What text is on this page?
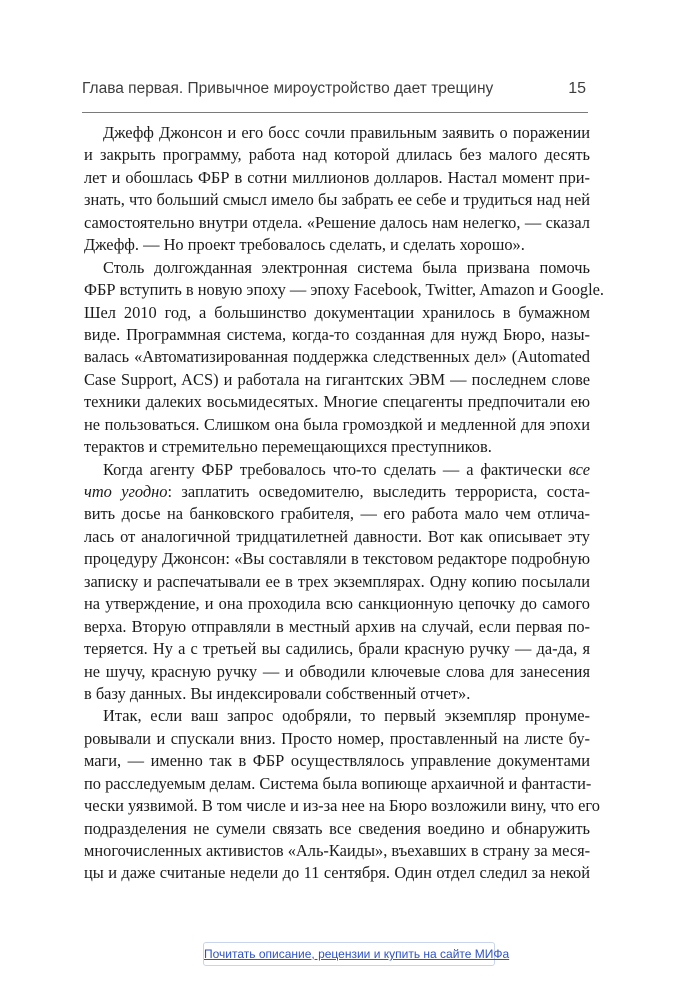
Глава первая. Привычное мироустройство дает трещину	15
Джефф Джонсон и его босс сочли правильным заявить о поражении
и закрыть программу, работа над которой длилась без малого десять
лет и обошлась ФБР в сотни миллионов долларов. Настал момент при-
знать, что больший смысл имело бы забрать ее себе и трудиться над ней
самостоятельно внутри отдела. «Решение далось нам нелегко, — сказал
Джефф. — Но проект требовалось сделать, и сделать хорошо».
Столь долгожданная электронная система была призвана помочь
ФБР вступить в новую эпоху — эпоху Facebook, Twitter, Amazon и Google.
Шел 2010 год, а большинство документации хранилось в бумажном
виде. Программная система, когда-то созданная для нужд Бюро, назы-
валась «Автоматизированная поддержка следственных дел» (Automated
Case Support, ACS) и работала на гигантских ЭВМ — последнем слове
техники далеких восьмидесятых. Многие спецагенты предпочитали ею
не пользоваться. Слишком она была громоздкой и медленной для эпохи
терактов и стремительно перемещающихся преступников.
Когда агенту ФБР требовалось что-то сделать — а фактически все
что угодно: заплатить осведомителю, выследить террориста, соста-
вить досье на банковского грабителя, — его работа мало чем отлича-
лась от аналогичной тридцатилетней давности. Вот как описывает эту
процедуру Джонсон: «Вы составляли в текстовом редакторе подробную
записку и распечатывали ее в трех экземплярах. Одну копию посылали
на утверждение, и она проходила всю санкционную цепочку до самого
верха. Вторую отправляли в местный архив на случай, если первая по-
теряется. Ну а с третьей вы садились, брали красную ручку — да-да, я
не шучу, красную ручку — и обводили ключевые слова для занесения
в базу данных. Вы индексировали собственный отчет».
Итак, если ваш запрос одобряли, то первый экземпляр пронуме-
ровывали и спускали вниз. Просто номер, проставленный на листе бу-
маги, — именно так в ФБР осуществлялось управление документами
по расследуемым делам. Система была вопиюще архаичной и фантасти-
чески уязвимой. В том числе и из-за нее на Бюро возложили вину, что его
подразделения не сумели связать все сведения воедино и обнаружить
многочисленных активистов «Аль-Каиды», въехавших в страну за меся-
цы и даже считаные недели до 11 сентября. Один отдел следил за некой
Почитать описание, рецензии и купить на сайте МИФа
